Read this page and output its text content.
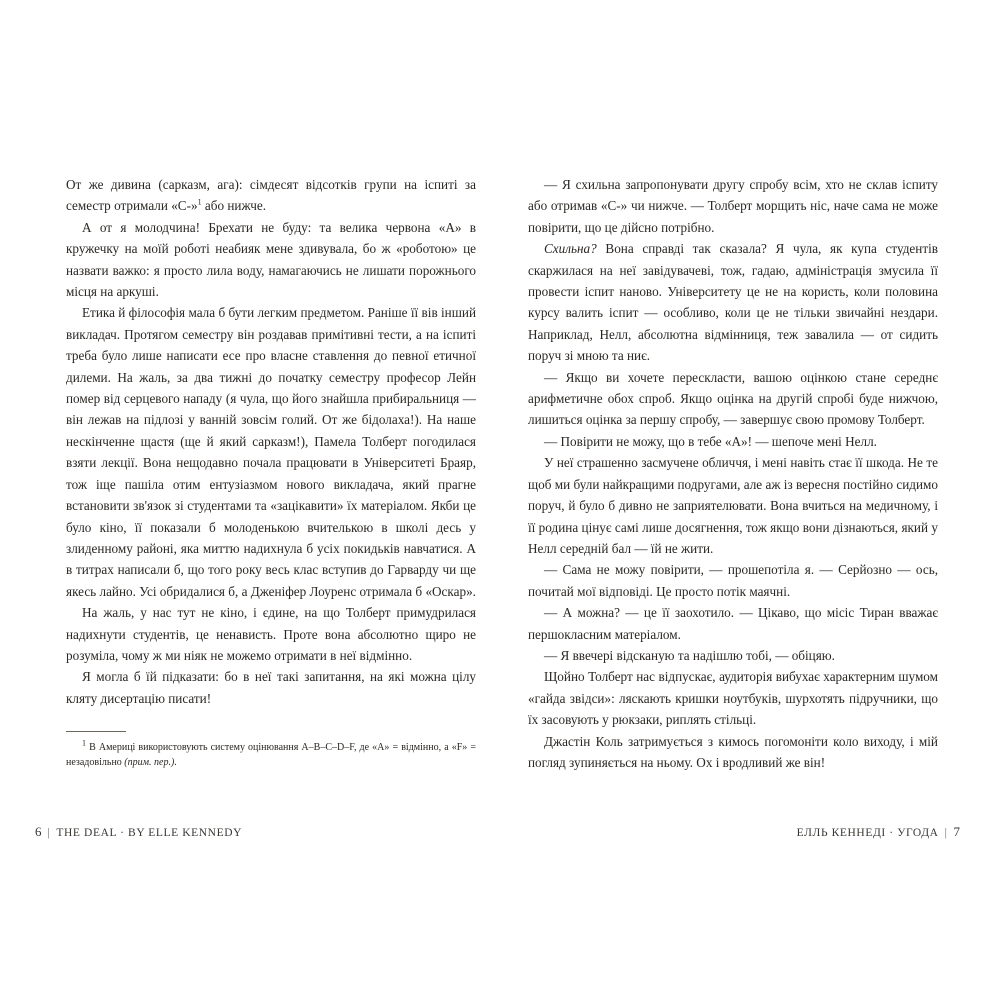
От же дивина (сарказм, ага): сімдесят відсотків групи на іспиті за семестр отримали «C-»$^1$ або нижче.

А от я молодчина! Брехати не буду: та велика червона «А» в кружечку на моїй роботі неабияк мене здивувала, бо ж «роботою» це назвати важко: я просто лила воду, намагаючись не лишати порожнього місця на аркуші.

Етика й філософія мала б бути легким предметом. Раніше її вів інший викладач. Протягом семестру він роздавав примітивні тести, а на іспиті треба було лише написати есе про власне ставлення до певної етичної дилеми. На жаль, за два тижні до початку семестру професор Лейн помер від серцевого нападу (я чула, що його знайшла прибиральниця — він лежав на підлозі у ванній зовсім голий. От же бідолаха!). На наше нескінченне щастя (ще й який сарказм!), Памела Толберт погодилася взяти лекції. Вона нещодавно почала працювати в Університеті Браяр, тож іще пашіла отим ентузіазмом нового викладача, який прагне встановити зв'язок зі студентами та «зацікавити» їх матеріалом. Якби це було кіно, її показали б молоденькою вчителькою в школі десь у злиденному районі, яка миттю надихнула б усіх покидьків навчатися. А в титрах написали б, що того року весь клас вступив до Гарварду чи ще якесь лайно. Усі обридалися б, а Дженіфер Лоуренс отримала б «Оскар».

На жаль, у нас тут не кіно, і єдине, на що Толберт примудрилася надихнути студентів, це ненависть. Проте вона абсолютно щиро не розуміла, чому ж ми ніяк не можемо отримати в неї відмінно.

Я могла б їй підказати: бо в неї такі запитання, на які можна цілу кляту дисертацію писати!

$^1$ В Америці використовують систему оцінювання A–B–C–D–F, де «A» = відмінно, а «F» = незадовільно (прим. пер.).

— Я схильна запропонувати другу спробу всім, хто не склав іспиту або отримав «C-» чи нижче. — Толберт морщить ніс, наче сама не може повірити, що це дійсно потрібно.

Схильна? Вона справді так сказала? Я чула, як купа студентів скаржилася на неї завідувачеві, тож, гадаю, адміністрація змусила її провести іспит наново. Університету це не на користь, коли половина курсу валить іспит — особливо, коли це не тільки звичайні нездари. Наприклад, Нелл, абсолютна відмінниця, теж завалила — от сидить поруч зі мною та ниє.

— Якщо ви хочете перескласти, вашою оцінкою стане середнє арифметичне обох спроб. Якщо оцінка на другій спробі буде нижчою, лишиться оцінка за першу спробу, — завершує свою промову Толберт.

— Повірити не можу, що в тебе «А»! — шепоче мені Нелл.

У неї страшенно засмучене обличчя, і мені навіть стає її шкода. Не те щоб ми були найкращими подругами, але аж із вересня постійно сидимо поруч, й було б дивно не заприятелювати. Вона вчиться на медичному, і її родина цінує самі лише досягнення, тож якщо вони дізнаються, який у Нелл середній бал — їй не жити.

— Сама не можу повірити, — прошепотіла я. — Серйозно — ось, почитай мої відповіді. Це просто потік маячні.

— А можна? — це її заохотило. — Цікаво, що місіс Тиран вважає першокласним матеріалом.

— Я ввечері відсканую та надішлю тобі, — обіцяю.

Щойно Толберт нас відпускає, аудиторія вибухає характерним шумом «гайда звідси»: ляскають кришки ноутбуків, шурхотять підручники, що їх засовують у рюкзаки, риплять стільці.

Джастін Коль затримується з кимось погомоніти коло виходу, і мій погляд зупиняється на ньому. Ох і вродливий же він!

6 | THE DEAL · BY ELLE KENNEDY	ЕЛЛЬ КЕННЕДІ · УГОДА | 7
